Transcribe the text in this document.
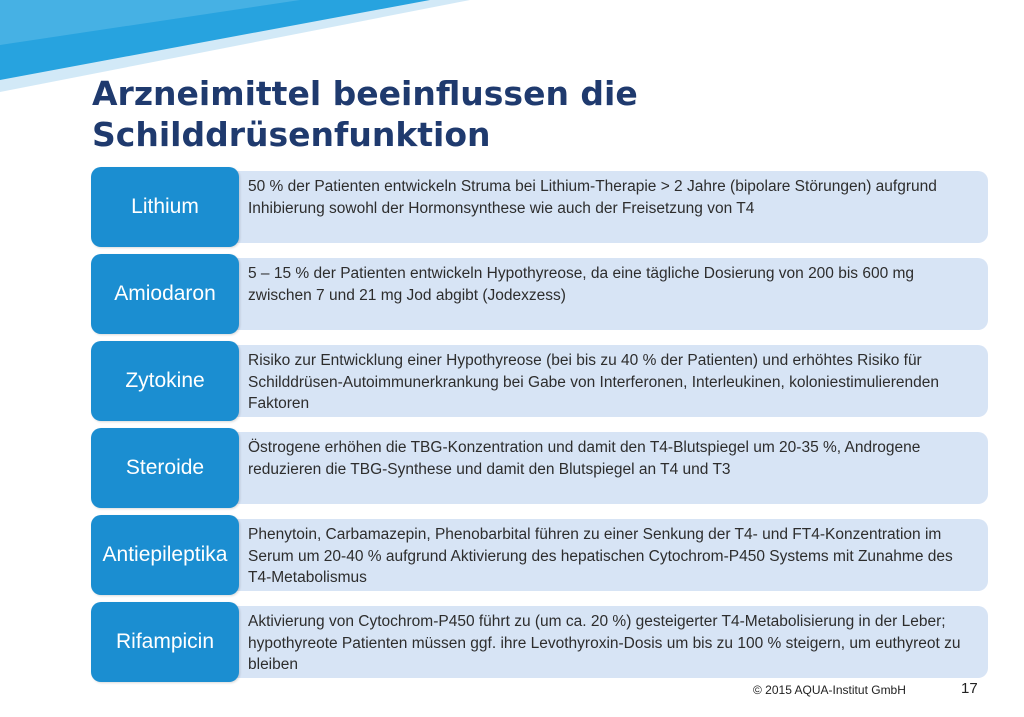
Arzneimittel beeinflussen die
Schilddrüsenfunktion
Lithium
50 % der Patienten entwickeln Struma bei Lithium-Therapie > 2 Jahre (bipolare Störungen) aufgrund Inhibierung sowohl der Hormonsynthese wie auch der Freisetzung von T4
Amiodaron
5 – 15 % der Patienten entwickeln Hypothyreose, da eine tägliche Dosierung von 200 bis 600 mg zwischen 7 und 21 mg Jod abgibt (Jodexzess)
Zytokine
Risiko zur Entwicklung einer Hypothyreose (bei bis zu 40 % der Patienten) und erhöhtes Risiko für Schilddrüsen-Autoimmunerkrankung bei Gabe von Interferonen, Interleukinen, koloniestimulierenden Faktoren
Steroide
Östrogene erhöhen die TBG-Konzentration und damit den T4-Blutspiegel um 20-35 %, Androgene reduzieren die TBG-Synthese und damit den Blutspiegel an T4 und T3
Antiepileptika
Phenytoin, Carbamazepin, Phenobarbital führen zu einer Senkung der T4- und FT4-Konzentration im Serum um 20-40 % aufgrund Aktivierung des hepatischen Cytochrom-P450 Systems mit Zunahme des T4-Metabolismus
Rifampicin
Aktivierung von Cytochrom-P450 führt zu (um ca. 20 %) gesteigerter T4-Metabolisierung in der Leber; hypothyreote Patienten müssen ggf. ihre Levothyroxin-Dosis um bis zu 100 % steigern, um euthyreot zu bleiben
© 2015 AQUA-Institut GmbH	17
